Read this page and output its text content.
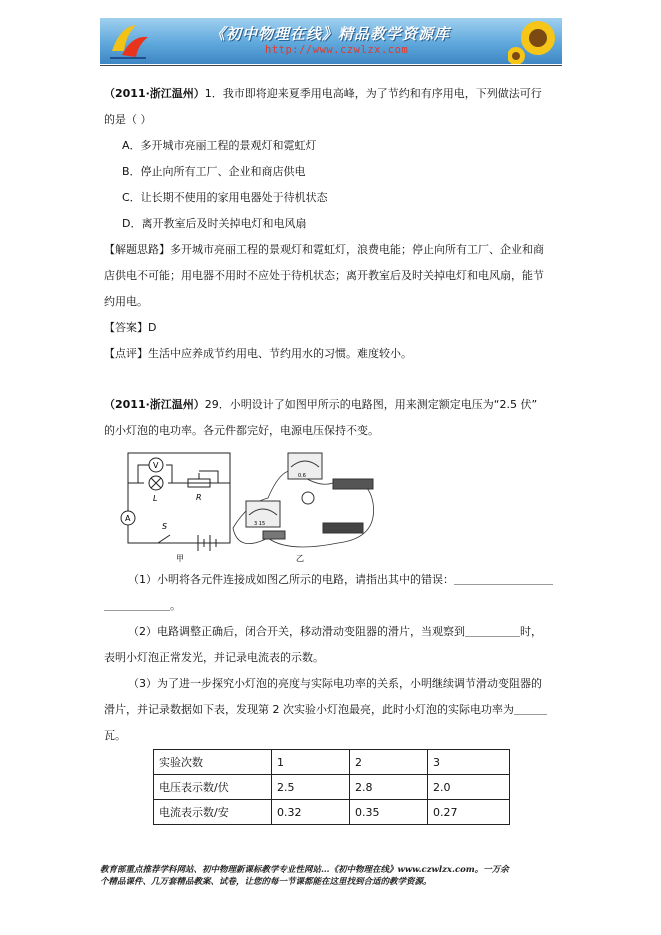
《初中物理在线》精品教学资源库
http://www.czwlzx.com
（2011·浙江温州）1．我市即将迎来夏季用电高峰，为了节约和有序用电，下列做法可行
的是（ ）
A．多开城市亮丽工程的景观灯和霓虹灯
B．停止向所有工厂、企业和商店供电
C．让长期不使用的家用电器处于待机状态
D．离开教室后及时关掉电灯和电风扇
【解题思路】多开城市亮丽工程的景观灯和霓虹灯，浪费电能；停止向所有工厂、企业和商
店供电不可能；用电器不用时不应处于待机状态；离开教室后及时关掉电灯和电风扇，能节
约用电。
【答案】D
【点评】生活中应养成节约用电、节约用水的习惯。难度较小。
（2011·浙江温州）29．小明设计了如图甲所示的电路图，用来测定额定电压为“2.5 伏”
的小灯泡的电功率。各元件都完好，电源电压保持不变。
V
A
L	R
S
甲
3 15
0.6
乙
（1）小明将各元件连接成如图乙所示的电路，请指出其中的错误：＿＿＿＿＿＿＿＿＿
＿＿＿＿＿＿。
（2）电路调整正确后，闭合开关，移动滑动变阻器的滑片，当观察到＿＿＿＿＿时，
表明小灯泡正常发光，并记录电流表的示数。
（3）为了进一步探究小灯泡的亮度与实际电功率的关系，小明继续调节滑动变阻器的
滑片，并记录数据如下表，发现第 2 次实验小灯泡最亮，此时小灯泡的实际电功率为＿＿＿
瓦。
实验次数	1	2	3
电压表示数/伏	2.5	2.8	2.0
电流表示数/安	0.32	0.35	0.27
教育部重点推荐学科网站、初中物理新课标教学专业性网站…《初中物理在线》www.czwlzx.com。一万余
个精品课件、几万套精品教案、试卷，让您的每一节课都能在这里找到合适的教学资源。
